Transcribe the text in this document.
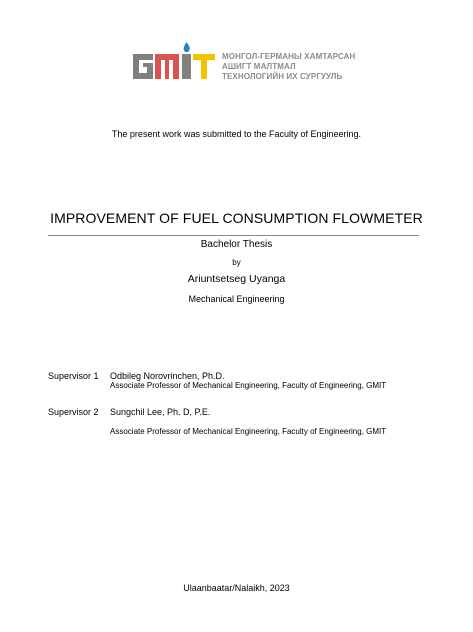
МОНГОЛ-ГЕРМАНЫ ХАМТАРСАН
АШИГТ МАЛТМАЛ
ТЕХНОЛОГИЙН ИХ СУРГУУЛЬ
The present work was submitted to the Faculty of Engineering.
IMPROVEMENT OF FUEL CONSUMPTION FLOWMETER
Bachelor Thesis
by
Ariuntsetseg Uyanga
Mechanical Engineering
Supervisor 1 Odbileg Norovrinchen, Ph.D.
Associate Professor of Mechanical Engineering, Faculty of Engineering, GMIT
Supervisor 2 Sungchil Lee, Ph. D, P.E.
Associate Professor of Mechanical Engineering, Faculty of Engineering, GMIT
Ulaanbaatar/Nalaikh, 2023
